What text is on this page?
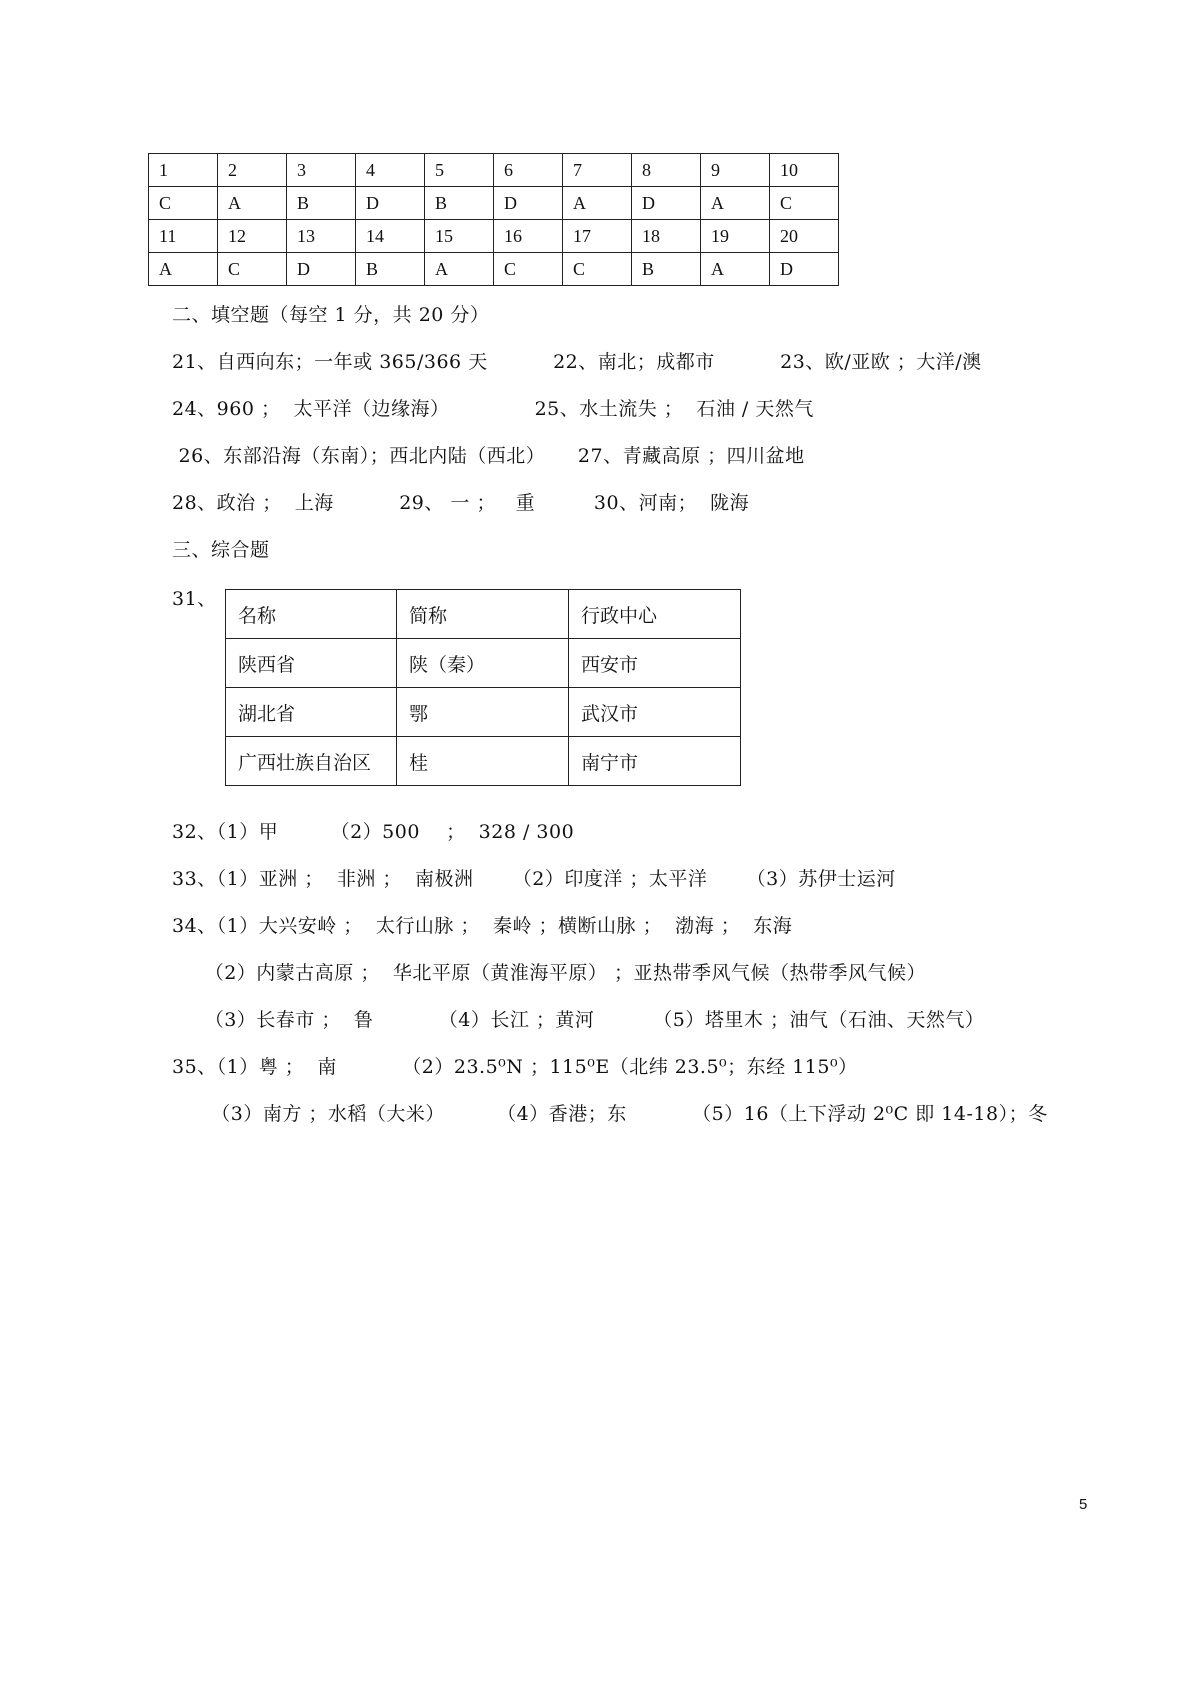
1	2	3	4	5	6	7	8	9	10
C	A	B	D	B	D	A	D	A	C
11	12	13	14	15	16	17	18	19	20
A	C	D	B	A	C	C	B	A	D
二、填空题（每空 1 分，共 20 分）
21、自西向东；一年或 365/366 天          22、南北；成都市          23、欧/亚欧 ；大洋/澳
24、960 ；  太平洋（边缘海）             25、水土流失 ；  石油 / 天然气
26、东部沿海（东南）；西北内陆（西北）     27、青藏高原 ；四川盆地
28、政治 ；  上海          29、 一 ；   重         30、河南；  陇海
三、综合题
31、
名称	简称	行政中心
陕西省	陕（秦）	西安市
湖北省	鄂	武汉市
广西壮族自治区	桂	南宁市
32、（1）甲        （2）500    ；  328 / 300
33、（1）亚洲 ；  非洲 ；  南极洲      （2）印度洋 ；太平洋      （3）苏伊士运河
34、（1）大兴安岭 ；  太行山脉 ；  秦岭 ；横断山脉 ；  渤海 ；  东海
（2）内蒙古高原 ；  华北平原（黄淮海平原） ；亚热带季风气候（热带季风气候）
（3）长春市 ；  鲁          （4）长江 ；黄河         （5）塔里木 ；油气（石油、天然气）
35、（1）粤 ；  南          （2）23.5⁰N ；115⁰E（北纬 23.5⁰；东经 115⁰）
（3）南方 ；水稻（大米）        （4）香港；东          （5）16（上下浮动 2⁰C 即 14-18）；冬
5
